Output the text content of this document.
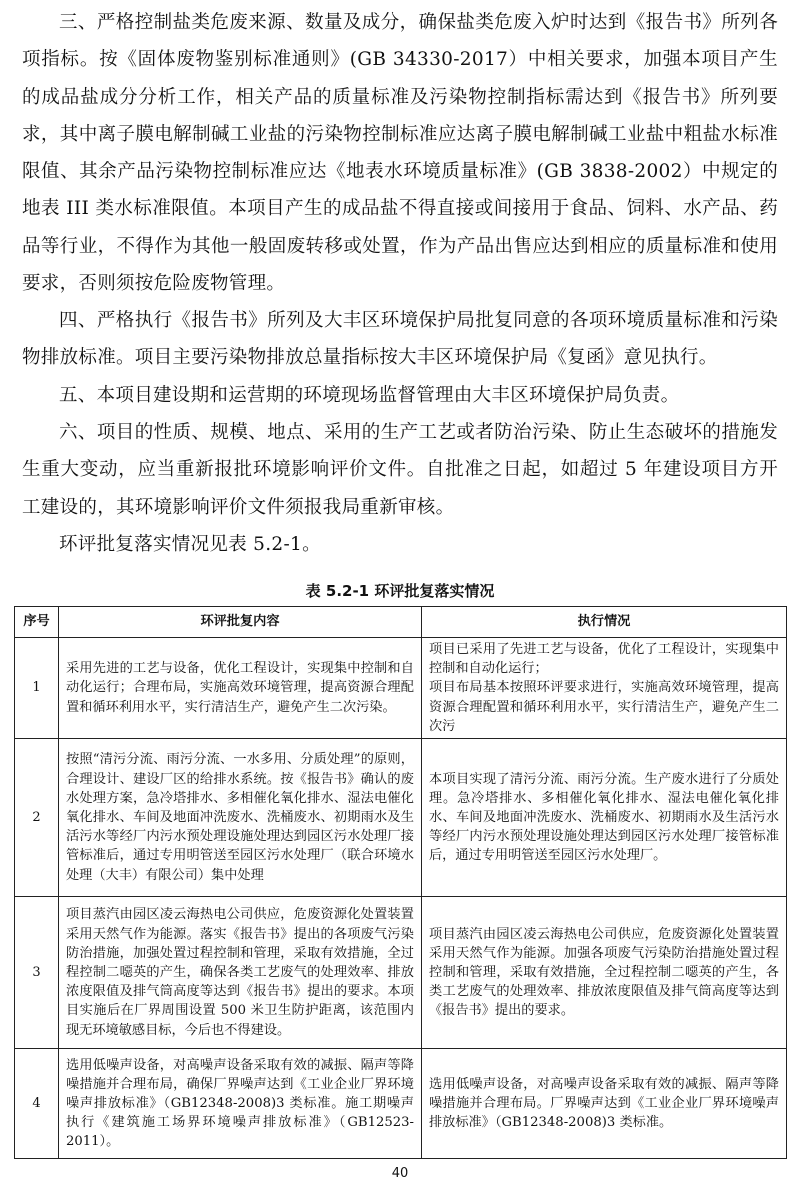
三、严格控制盐类危废来源、数量及成分，确保盐类危废入炉时达到《报告书》所列各项指标。按《固体废物鉴别标准通则》(GB 34330-2017）中相关要求，加强本项目产生的成品盐成分分析工作，相关产品的质量标准及污染物控制指标需达到《报告书》所列要求，其中离子膜电解制碱工业盐的污染物控制标准应达离子膜电解制碱工业盐中粗盐水标准限值、其余产品污染物控制标准应达《地表水环境质量标准》(GB 3838-2002）中规定的地表 III 类水标准限值。本项目产生的成品盐不得直接或间接用于食品、饲料、水产品、药品等行业，不得作为其他一般固废转移或处置，作为产品出售应达到相应的质量标准和使用要求，否则须按危险废物管理。

四、严格执行《报告书》所列及大丰区环境保护局批复同意的各项环境质量标准和污染物排放标准。项目主要污染物排放总量指标按大丰区环境保护局《复函》意见执行。

五、本项目建设期和运营期的环境现场监督管理由大丰区环境保护局负责。

六、项目的性质、规模、地点、采用的生产工艺或者防治污染、防止生态破坏的措施发生重大变动，应当重新报批环境影响评价文件。自批准之日起，如超过 5 年建设项目方开工建设的，其环境影响评价文件须报我局重新审核。

环评批复落实情况见表 5.2-1。

表 5.2-1 环评批复落实情况
序号	环评批复内容	执行情况
1	采用先进的工艺与设备，优化工程设计，实现集中控制和自动化运行；合理布局，实施高效环境管理，提高资源合理配置和循环利用水平，实行清洁生产，避免产生二次污染。	项目已采用了先进工艺与设备，优化了工程设计，实现集中控制和自动化运行；
项目布局基本按照环评要求进行，实施高效环境管理，提高资源合理配置和循环利用水平，实行清洁生产，避免产生二次污
2	按照“清污分流、雨污分流、一水多用、分质处理”的原则，合理设计、建设厂区的给排水系统。按《报告书》确认的废水处理方案，急冷塔排水、多相催化氧化排水、湿法电催化氧化排水、车间及地面冲洗废水、洗桶废水、初期雨水及生活污水等经厂内污水预处理设施处理达到园区污水处理厂接管标准后，通过专用明管送至园区污水处理厂（联合环境水处理（大丰）有限公司）集中处理	本项目实现了清污分流、雨污分流。生产废水进行了分质处理。急冷塔排水、多相催化氧化排水、湿法电催化氧化排水、车间及地面冲洗废水、洗桶废水、初期雨水及生活污水等经厂内污水预处理设施处理达到园区污水处理厂接管标准后，通过专用明管送至园区污水处理厂。
3	项目蒸汽由园区凌云海热电公司供应，危废资源化处置装置采用天然气作为能源。落实《报告书》提出的各项废气污染防治措施，加强处置过程控制和管理，采取有效措施，全过程控制二噁英的产生，确保各类工艺废气的处理效率、排放浓度限值及排气筒高度等达到《报告书》提出的要求。本项目实施后在厂界周围设置 500 米卫生防护距离，该范围内现无环境敏感目标，今后也不得建设。	项目蒸汽由园区凌云海热电公司供应，危废资源化处置装置采用天然气作为能源。加强各项废气污染防治措施处置过程控制和管理，采取有效措施，全过程控制二噁英的产生，各类工艺废气的处理效率、排放浓度限值及排气筒高度等达到《报告书》提出的要求。
4	选用低噪声设备，对高噪声设备采取有效的减振、隔声等降噪措施并合理布局，确保厂界噪声达到《工业企业厂界环境噪声排放标准》（GB12348-2008)3 类标准。施工期噪声执行《建筑施工场界环境噪声排放标准》（GB12523-2011）。	选用低噪声设备，对高噪声设备采取有效的减振、隔声等降噪措施并合理布局。厂界噪声达到《工业企业厂界环境噪声排放标准》（GB12348-2008)3 类标准。
40
